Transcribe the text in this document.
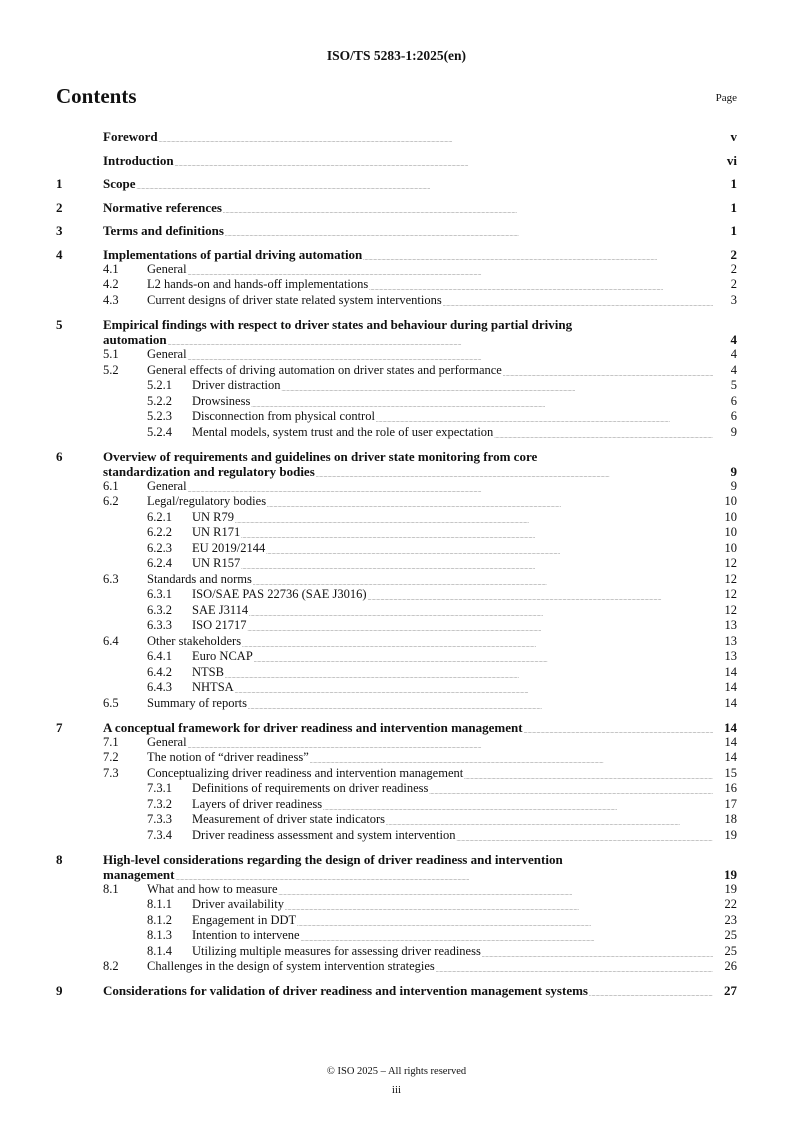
ISO/TS 5283-1:2025(en)
Contents	Page
Foreword . . .	v
Introduction . . .	vi
1	Scope . . .	1
2	Normative references . . .	1
3	Terms and definitions . . .	1
4	Implementations of partial driving automation . . .	2
4.1	General . . .	2
4.2	L2 hands-on and hands-off implementations . . .	2
4.3	Current designs of driver state related system interventions . . .	3
5	Empirical findings with respect to driver states and behaviour during partial driving
automation . . .	4
5.1	General . . .	4
5.2	General effects of driving automation on driver states and performance . . .	4
5.2.1	Driver distraction . . .	5
5.2.2	Drowsiness . . .	6
5.2.3	Disconnection from physical control . . .	6
5.2.4	Mental models, system trust and the role of user expectation . . .	9
6	Overview of requirements and guidelines on driver state monitoring from core
standardization and regulatory bodies . . .	9
6.1	General . . .	9
6.2	Legal/regulatory bodies . . .	10
6.2.1	UN R79 . . .	10
6.2.2	UN R171 . . .	10
6.2.3	EU 2019/2144 . . .	10
6.2.4	UN R157 . . .	12
6.3	Standards and norms . . .	12
6.3.1	ISO/SAE PAS 22736 (SAE J3016) . . .	12
6.3.2	SAE J3114 . . .	12
6.3.3	ISO 21717 . . .	13
6.4	Other stakeholders . . .	13
6.4.1	Euro NCAP . . .	13
6.4.2	NTSB . . .	14
6.4.3	NHTSA . . .	14
6.5	Summary of reports . . .	14
7	A conceptual framework for driver readiness and intervention management . . .	14
7.1	General . . .	14
7.2	The notion of “driver readiness” . . .	14
7.3	Conceptualizing driver readiness and intervention management . . .	15
7.3.1	Definitions of requirements on driver readiness . . .	16
7.3.2	Layers of driver readiness . . .	17
7.3.3	Measurement of driver state indicators . . .	18
7.3.4	Driver readiness assessment and system intervention . . .	19
8	High-level considerations regarding the design of driver readiness and intervention
management . . .	19
8.1	What and how to measure . . .	19
8.1.1	Driver availability . . .	22
8.1.2	Engagement in DDT . . .	23
8.1.3	Intention to intervene . . .	25
8.1.4	Utilizing multiple measures for assessing driver readiness . . .	25
8.2	Challenges in the design of system intervention strategies . . .	26
9	Considerations for validation of driver readiness and intervention management systems . . .	27
© ISO 2025 – All rights reserved
iii
